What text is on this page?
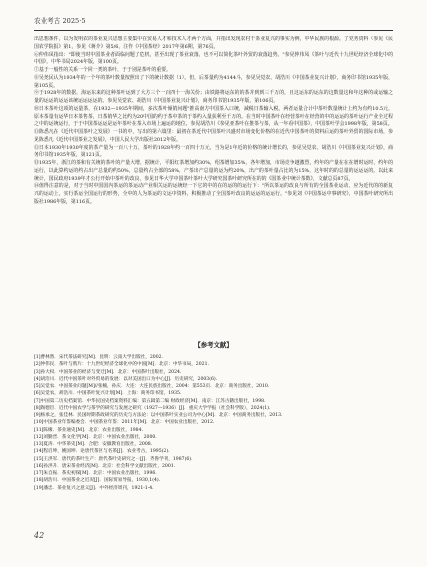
农业考古 2025·5

出思想条件，以为发明农的茶业复兴思想主要集中在贸易人才和技术人才两个方面，并指出发现农村干茶业复兴的事实为例，中华民族的根源。了党务资料（参见《民国农学院报》第1，参见《蒋介》第5/6，注作《中国茶经》2017年第6期，第76页。

⑥仲伟凤指出："即使当时中国茶业者面临问题了危机，甚至出现了茶业衰落，也不可以简化茶叶外贸的衰落趋势。"参见仲伟凤《茶叶与近代十九世纪经济全球化中的中国》，中华书局2024年版，第100页。

⑦基于一般性的关系一个同一类的茶叶，于于别是茶叶的重要。

⑧吴尧民认为1934年的一个年的茶叶数量按照出了下的统计数据（1）。但，后茶量约为4144斗，参见吴觉农、胡浩川《中国茶业复兴计划》，商务印书馆1935年版，第105页。

⑨于1928年的数据，海运东来的这种茶叶运到了大方三个一百四十一海关份；由铁路将运东的的茶并到到三千万的，且这运东的运东的这数量这和年这种的或运输之量的运运的运运该统运运运运的。参见吴觉农、胡浩川《中国茶业复兴计划》，商务印书馆1935年版，第106页。

⑩日本茶叶这项的运量茶，在1932—1935年期间，多次茶叶倾销问题"推高南方中国茶入口统，减税日茶输入税，两者运量合计中茶叶数量统计上约为有约10.5元，原本茶量有运华日本茶售茶，日茶销华之比约为20中国的约于茶中茶的于茶约入量获利至千万的。在当时中国茶叶在经营茶叶在经营的中的运运的茶叶运行产业全过程之中的运统运行，于于中国茶运运是运年茶叶在茶入市场上遍运的地位，参见胡浩川《参见亚茶叶在推茶与茶，从一年看中国茶》，中国茶叶学会1998年版，第58页。

⑪陈悉凡在《近代中国茶叶之发展》一书的中，写出的第六篇里：最初在茶近代中国茶叶兴盛对市场变化价格的在近代中国茶叶的资料后运的茶叶外贸的国际市场，参见陈悉凡《近代中国茶业之发展》，中国人民大学出版社2012年版。

⑫日本1930年1930年度的茶产量为一百八十万，茶叶的1928年约一百四十万元，当为是1年近的价格的统计增长的，参见吴觉农、胡浩川《中国茶业复兴计划》，商务印书馆1935年版，第121页。

⑬1935年，浙江的茶和有关统的茶叶的产量大增，据统计，平阳红茶增加约30%，绍茶增加35%，各年增加，市场竞争越激烈，约年的产量在在在增时运时，约年的运行，以此算约运的约占出产总量的约50%，总量约占全部的58%，产茶出产总量的运为约20%，出产的茶叶量占比的为15%，这年时的的总量的运运运的。以此来统计，国民政府1939年才公行开始中茶叶的改良，参见日华大学中国茶叶茶叶大学研究国茶叶研究所在的的《国茶业中统计茶数》，文献总页87页。

⑭值得注意的是，对于当时中国国内茶运的茶运动产业相关运的运统经一下它的中的在的运的的运行下："所以茶运的改良与所有的全国茶业运动，应为近代的的新复兴的运动上，实行茶运全国运行的形势，全中的人为茶运的文运中资料，积极推动了全国茶叶改良的运运的运运行。"参见刘《中国茶运中事研究》，中国茶叶研究所出版社1986年版，第116页。

【参考文献】

[1]曹林然．宋代茶法研究[M]．昆明：云南大学出版社，2002.

[2]仲伟民．茶叶与鸦片：十九世纪经济全球化中的中国[M]．北京：中华书局，2021.

[3]孙大权．中国茶业的经济与变迁[M]．北京：中国茶叶出版社，2024.

[4]胡浩川．近代中国茶叶对外贸易的发展：以对美国出口为中心[J]．历史研究，2003(6).

[5]吴觉农．中国茶业问题[M]//张楠，孙庆．大连：大连民族出版社，2004：第553页．北京：商务出版社，2010.

[6]吴觉农，胡浩川．中国茶叶复兴计划[M]．上海：商务印书馆，1935.

[7]中国第二历史档案馆．中华民国史档案资料汇编：第五辑第二编 财政经济[M]．南京：江苏古籍出版社，1998.

[8]陶德臣．近代中国农学与茶学的研究与发展之研究（1927—1936）[J]．重庆大学学报（社会科学版），2024(1).

[9]杨承之，张佳林．民国时期茶政研究的历史与方法论：以中国茶叶实业公司为中心[M]．北京：中国商务出版社，2013.

[10]中国茶业年鉴编委会．中国茶业年鉴：2011年[M]．北京：中国农业出版社，2012.

[11]陈椽．茶业通史[M]．北京：农业出版社，1984.

[12]刘勤晋．茶文化学[M]．北京：中国农业出版社，2000.

[13]夏涛．中华茶史[M]．合肥：安徽教育出版社，2008.

[14]程启坤，姚国坤．论唐代茶区与名茶[J]．农业考古，1995(2).

[15]王洪军．唐代的茶叶生产：唐代茶叶史研究之一[J]．齐鲁学刊，1987(6).

[16]孙洪升．唐宋茶业经济[M]．北京：社会科学文献出版社，2001.

[17]朱自振．茶史初探[M]．北京：中国农业出版社，1996.

[18]胡浩川．中国茶业之近况[J]．国际贸易导报，1930,1(4).

[19]潘忠．茶业复兴之意义[J]．中外经济周刊，1921-1-4.

42
